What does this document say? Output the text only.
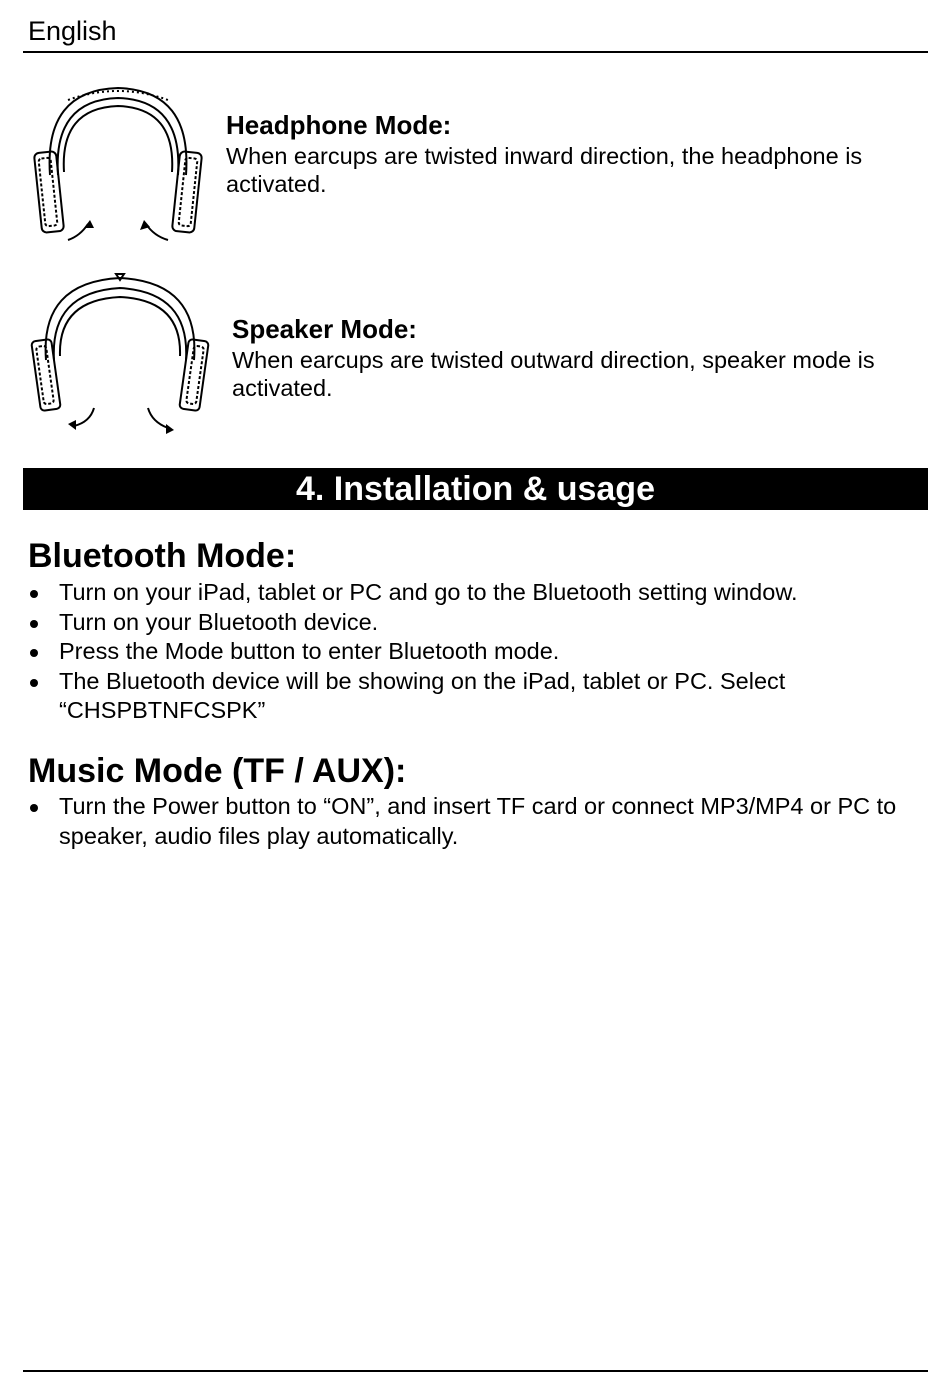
English
Headphone Mode:
When earcups are twisted inward direction, the headphone is activated.
Speaker Mode:
When earcups are twisted outward direction, speaker mode is activated.
4. Installation & usage
Bluetooth Mode:
Turn on your iPad, tablet or PC and go to the Bluetooth setting window.
Turn on your Bluetooth device.
Press the Mode button to enter Bluetooth mode.
The Bluetooth device will be showing on the iPad, tablet or PC. Select “CHSPBTNFCSPK”
Music Mode (TF / AUX):
Turn the Power button to “ON”, and insert TF card or connect MP3/MP4 or PC to speaker, audio files play automatically.
